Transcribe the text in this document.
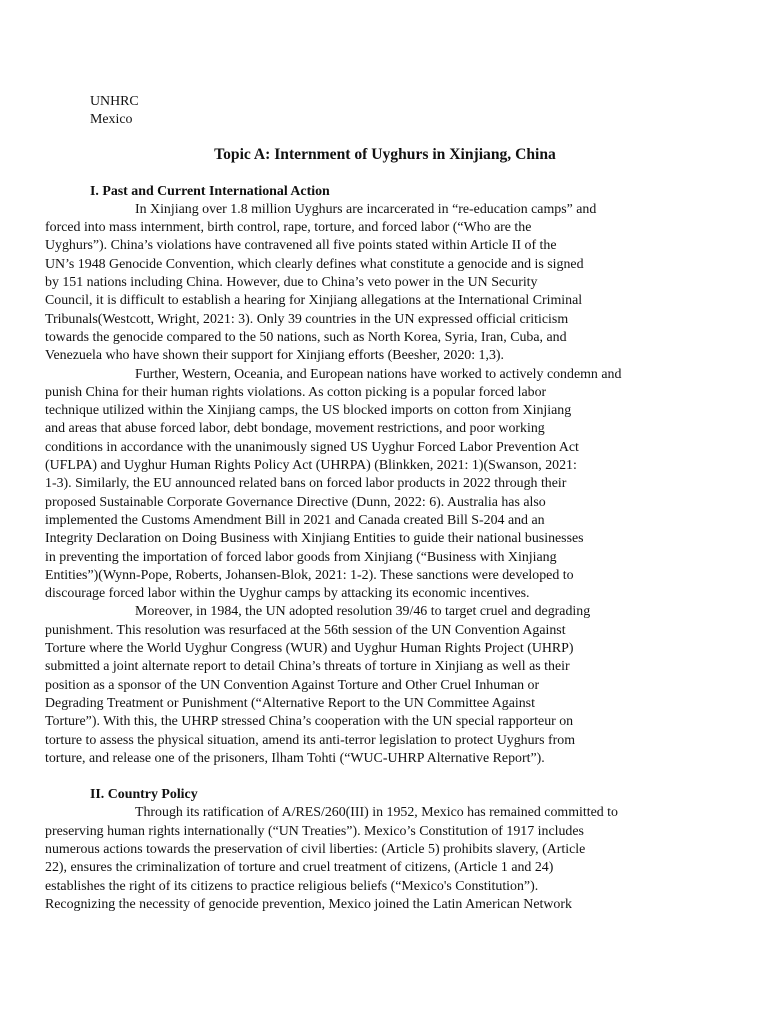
UNHRC
Mexico
Topic A: Internment of Uyghurs in Xinjiang, China
I. Past and Current International Action
In Xinjiang over 1.8 million Uyghurs are incarcerated in “re-education camps” and
forced into mass internment, birth control, rape, torture, and forced labor (“Who are the
Uyghurs”). China’s violations have contravened all five points stated within Article II of the
UN’s 1948 Genocide Convention, which clearly defines what constitute a genocide and is signed
by 151 nations including China. However, due to China’s veto power in the UN Security
Council, it is difficult to establish a hearing for Xinjiang allegations at the International Criminal
Tribunals(Westcott, Wright, 2021: 3). Only 39 countries in the UN expressed official criticism
towards the genocide compared to the 50 nations, such as North Korea, Syria, Iran, Cuba, and
Venezuela who have shown their support for Xinjiang efforts (Beesher, 2020: 1,3).
Further, Western, Oceania, and European nations have worked to actively condemn and
punish China for their human rights violations. As cotton picking is a popular forced labor
technique utilized within the Xinjiang camps, the US blocked imports on cotton from Xinjiang
and areas that abuse forced labor, debt bondage, movement restrictions, and poor working
conditions in accordance with the unanimously signed US Uyghur Forced Labor Prevention Act
(UFLPA) and Uyghur Human Rights Policy Act (UHRPA) (Blinkken, 2021: 1)(Swanson, 2021:
1-3). Similarly, the EU announced related bans on forced labor products in 2022 through their
proposed Sustainable Corporate Governance Directive (Dunn, 2022: 6). Australia has also
implemented the Customs Amendment Bill in 2021 and Canada created Bill S-204 and an
Integrity Declaration on Doing Business with Xinjiang Entities to guide their national businesses
in preventing the importation of forced labor goods from Xinjiang (“Business with Xinjiang
Entities”)(Wynn-Pope, Roberts, Johansen-Blok, 2021: 1-2). These sanctions were developed to
discourage forced labor within the Uyghur camps by attacking its economic incentives.
Moreover, in 1984, the UN adopted resolution 39/46 to target cruel and degrading
punishment. This resolution was resurfaced at the 56th session of the UN Convention Against
Torture where the World Uyghur Congress (WUR) and Uyghur Human Rights Project (UHRP)
submitted a joint alternate report to detail China’s threats of torture in Xinjiang as well as their
position as a sponsor of the UN Convention Against Torture and Other Cruel Inhuman or
Degrading Treatment or Punishment (“Alternative Report to the UN Committee Against
Torture”). With this, the UHRP stressed China’s cooperation with the UN special rapporteur on
torture to assess the physical situation, amend its anti-terror legislation to protect Uyghurs from
torture, and release one of the prisoners, Ilham Tohti (“WUC-UHRP Alternative Report”).
II. Country Policy
Through its ratification of A/RES/260(III) in 1952, Mexico has remained committed to
preserving human rights internationally (“UN Treaties”). Mexico’s Constitution of 1917 includes
numerous actions towards the preservation of civil liberties: (Article 5) prohibits slavery, (Article
22), ensures the criminalization of torture and cruel treatment of citizens, (Article 1 and 24)
establishes the right of its citizens to practice religious beliefs (“Mexico's Constitution”).
Recognizing the necessity of genocide prevention, Mexico joined the Latin American Network
